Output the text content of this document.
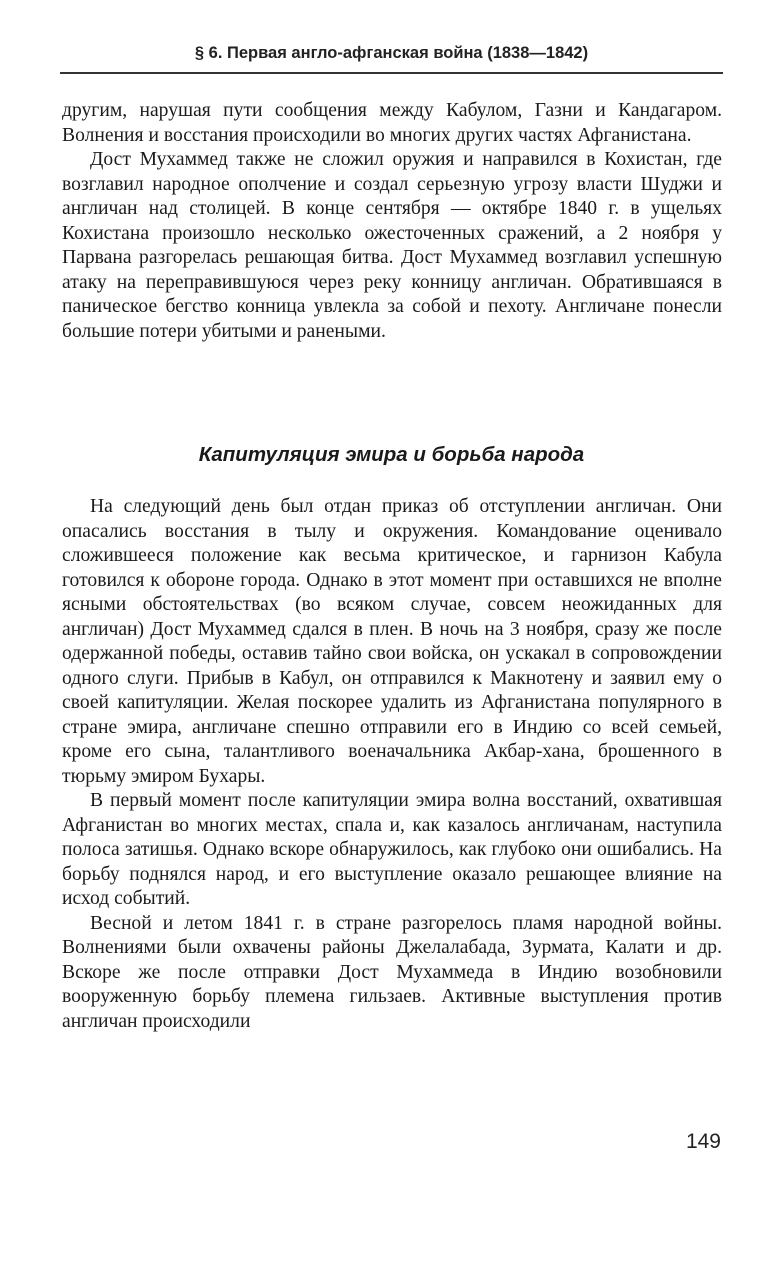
§ 6. Первая англо-афганская война (1838—1842)

другим, нарушая пути сообщения между Кабулом, Газни и Кандагаром. Волнения и восстания происходили во многих других частях Афганистана.

Дост Мухаммед также не сложил оружия и направился в Кохистан, где возглавил народное ополчение и создал серьезную угрозу власти Шуджи и англичан над столицей. В конце сентября — октябре 1840 г. в ущельях Кохистана произошло несколько ожесточенных сражений, а 2 ноября у Парвана разгорелась решающая битва. Дост Мухаммед возглавил успешную атаку на переправившуюся через реку конницу англичан. Обратившаяся в паническое бегство конница увлекла за собой и пехоту. Англичане понесли большие потери убитыми и ранеными.

Капитуляция эмира и борьба народа

На следующий день был отдан приказ об отступлении англичан. Они опасались восстания в тылу и окружения. Командование оценивало сложившееся положение как весьма критическое, и гарнизон Кабула готовился к обороне города. Однако в этот момент при оставшихся не вполне ясными обстоятельствах (во всяком случае, совсем неожиданных для англичан) Дост Мухаммед сдался в плен. В ночь на 3 ноября, сразу же после одержанной победы, оставив тайно свои войска, он ускакал в сопровождении одного слуги. Прибыв в Кабул, он отправился к Макнотену и заявил ему о своей капитуляции. Желая поскорее удалить из Афганистана популярного в стране эмира, англичане спешно отправили его в Индию со всей семьей, кроме его сына, талантливого военачальника Акбар-хана, брошенного в тюрьму эмиром Бухары.

В первый момент после капитуляции эмира волна восстаний, охватившая Афганистан во многих местах, спала и, как казалось англичанам, наступила полоса затишья. Однако вскоре обнаружилось, как глубоко они ошибались. На борьбу поднялся народ, и его выступление оказало решающее влияние на исход событий.

Весной и летом 1841 г. в стране разгорелось пламя народной войны. Волнениями были охвачены районы Джелалабада, Зурмата, Калати и др. Вскоре же после отправки Дост Мухаммеда в Индию возобновили вооруженную борьбу племена гильзаев. Активные выступления против англичан происходили

149
